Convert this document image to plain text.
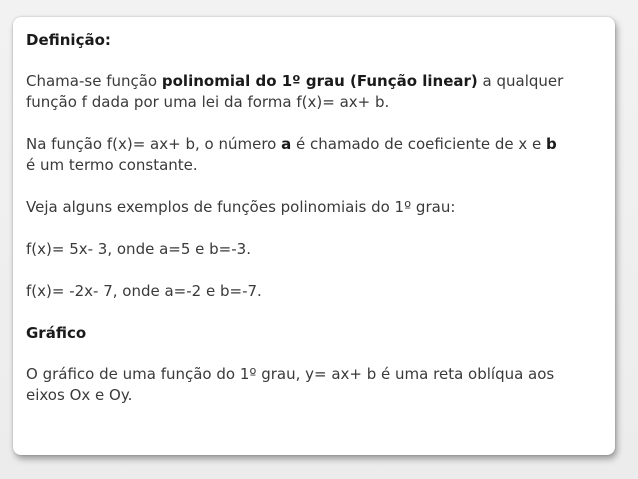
Definição:

Chama-se função polinomial do 1º grau (Função linear) a qualquer

função f dada por uma lei da forma f(x)= ax+ b.

Na função f(x)= ax+ b, o número a é chamado de coeficiente de x e b

é um termo constante.

Veja alguns exemplos de funções polinomiais do 1º grau:

f(x)= 5x- 3, onde a=5 e b=-3.

f(x)= -2x- 7, onde a=-2 e b=-7.

Gráfico

O gráfico de uma função do 1º grau, y= ax+ b é uma reta oblíqua aos

eixos Ox e Oy.
